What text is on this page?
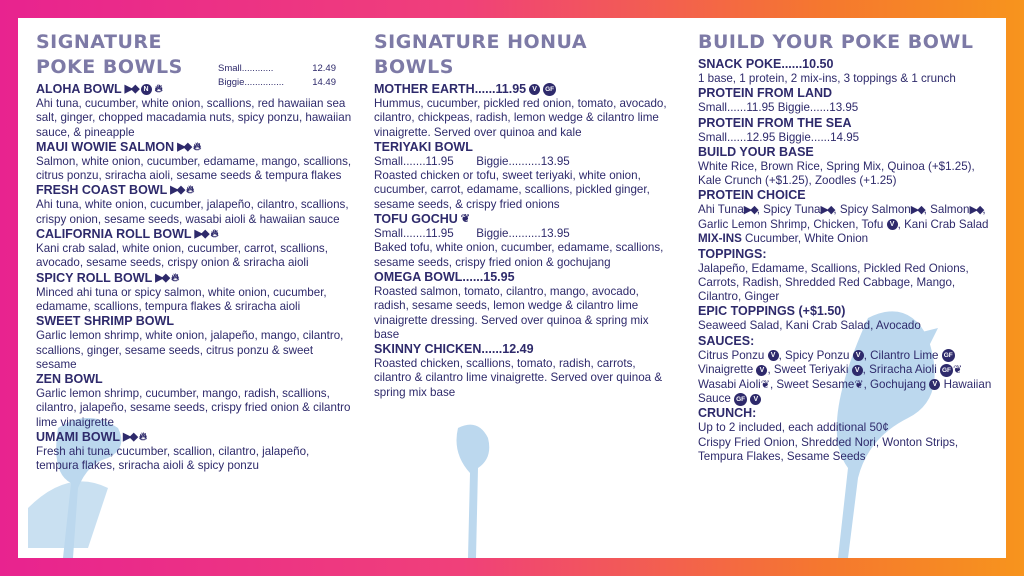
SIGNATURE POKE BOWLS
ALOHA BOWL ▶◆ N 🔥︎
Ahi tuna, cucumber, white onion, scallions, red hawaiian sea salt, ginger, chopped macadamia nuts, spicy ponzu, hawaiian sauce, & pineapple
MAUI WOWIE SALMON ▶◆ 🔥︎
Salmon, white onion, cucumber, edamame, mango, scallions, citrus ponzu, sriracha aioli, sesame seeds & tempura flakes
FRESH COAST BOWL ▶◆ 🔥︎
Ahi tuna, white onion, cucumber, jalapeño, cilantro, scallions, crispy onion, sesame seeds, wasabi aioli & hawaiian sauce
CALIFORNIA ROLL BOWL ▶◆ 🔥︎
Kani crab salad, white onion, cucumber, carrot, scallions, avocado, sesame seeds, crispy onion & sriracha aioli
SPICY ROLL BOWL ▶◆ 🔥︎
Minced ahi tuna or spicy salmon, white onion, cucumber, edamame, scallions, tempura flakes & sriracha aioli
SWEET SHRIMP BOWL
Garlic lemon shrimp, white onion, jalapeño, mango, cilantro, scallions, ginger, sesame seeds, citrus ponzu & sweet sesame
ZEN BOWL
Garlic lemon shrimp, cucumber, mango, radish, scallions, cilantro, jalapeño, sesame seeds, crispy fried onion & cilantro lime vinaigrette
UMAMI BOWL ▶◆ 🔥︎
Fresh ahi tuna, cucumber, scallion, cilantro, jalapeño, tempura flakes, sriracha aioli & spicy ponzu
Small............	12.49
Biggie...............	14.49
SIGNATURE HONUA BOWLS
MOTHER EARTH......11.95 V	GF
Hummus, cucumber, pickled red onion, tomato, avocado, cilantro, chickpeas, radish, lemon wedge & cilantro lime vinaigrette. Served over quinoa and kale
TERIYAKI BOWL
Small.......11.95 Biggie..........13.95
Roasted chicken or tofu, sweet teriyaki, white onion, cucumber, carrot, edamame, scallions, pickled ginger, sesame seeds, & crispy fried onions
TOFU GOCHU ❦
Small.......11.95 Biggie..........13.95
Baked tofu, white onion, cucumber, edamame, scallions, sesame seeds, crispy fried onion & gochujang
OMEGA BOWL......15.95
Roasted salmon, tomato, cilantro, mango, avocado, radish, sesame seeds, lemon wedge & cilantro lime vinaigrette dressing. Served over quinoa & spring mix base
SKINNY CHICKEN......12.49
Roasted chicken, scallions, tomato, radish, carrots, cilantro & cilantro lime vinaigrette. Served over quinoa & spring mix base
BUILD YOUR POKE BOWL
SNACK POKE......10.50
1 base, 1 protein, 2 mix-ins, 3 toppings & 1 crunch
PROTEIN FROM LAND
Small......11.95 Biggie......13.95
PROTEIN FROM THE SEA
Small......12.95 Biggie......14.95
BUILD YOUR BASE
White Rice, Brown Rice, Spring Mix, Quinoa (+$1.25), Kale Crunch (+$1.25), Zoodles (+1.25)
PROTEIN CHOICE
Ahi Tuna▶◆, Spicy Tuna▶◆, Spicy Salmon▶◆, Salmon▶◆, Garlic Lemon Shrimp, Chicken, Tofu V , Kani Crab Salad
MIX-INS Cucumber, White Onion
TOPPINGS:
Jalapeño, Edamame, Scallions, Pickled Red Onions, Carrots, Radish, Shredded Red Cabbage, Mango, Cilantro, Ginger
EPIC TOPPINGS (+$1.50)
Seaweed Salad, Kani Crab Salad, Avocado
SAUCES:
Citrus Ponzu V , Spicy Ponzu V , Cilantro Lime GF Vinaigrette V , Sweet Teriyaki V , Sriracha Aioli GF ❦ Wasabi Aioli❦, Sweet Sesame❦, Gochujang V Hawaiian Sauce GF V
CRUNCH:
Up to 2 included, each additional 50¢
Crispy Fried Onion, Shredded Nori, Wonton Strips, Tempura Flakes, Sesame Seeds
